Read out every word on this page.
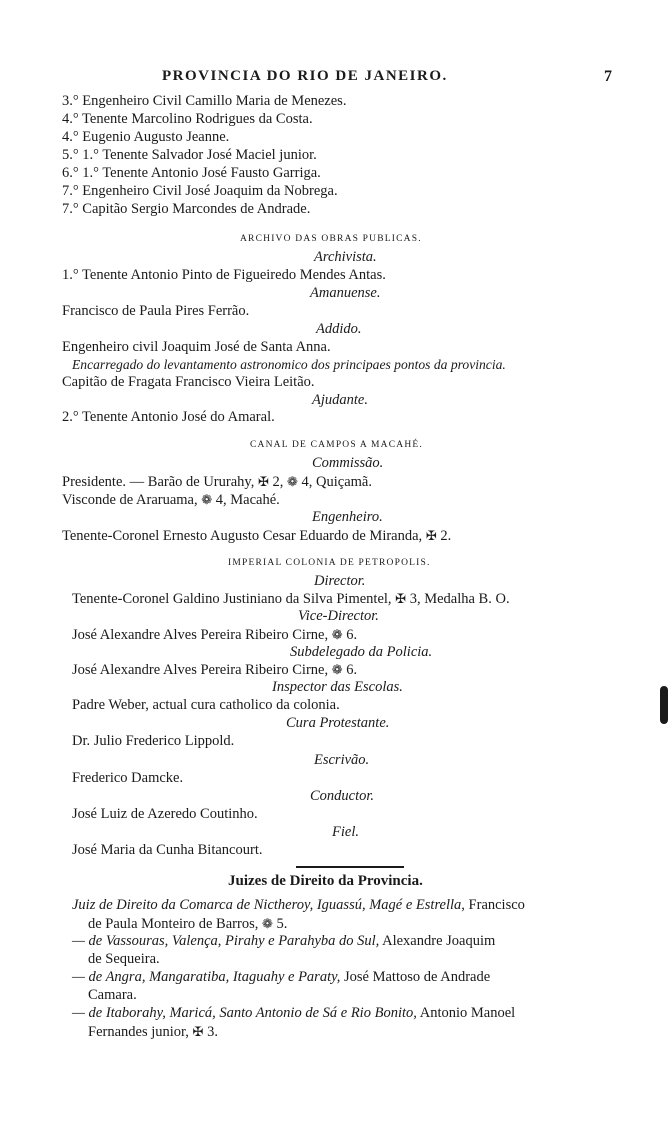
PROVINCIA DO RIO DE JANEIRO.	7
3.° Engenheiro Civil Camillo Maria de Menezes.
4.° Tenente Marcolino Rodrigues da Costa.
4.° Eugenio Augusto Jeanne.
5.° 1.° Tenente Salvador José Maciel junior.
6.° 1.° Tenente Antonio José Fausto Garriga.
7.° Engenheiro Civil José Joaquim da Nobrega.
7.° Capitão Sergio Marcondes de Andrade.
ARCHIVO DAS OBRAS PUBLICAS.
Archivista.
1.° Tenente Antonio Pinto de Figueiredo Mendes Antas.
Amanuense.
Francisco de Paula Pires Ferrão.
Addido.
Engenheiro civil Joaquim José de Santa Anna.
Encarregado do levantamento astronomico dos principaes pontos da provincia.
Capitão de Fragata Francisco Vieira Leitão.
Ajudante.
2.° Tenente Antonio José do Amaral.
CANAL DE CAMPOS A MACAHÉ.
Commissão.
Presidente. — Barão de Ururahy, ✠ 2, ❁ 4, Quiçamã.
Visconde de Araruama, ❁ 4, Macahé.
Engenheiro.
Tenente-Coronel Ernesto Augusto Cesar Eduardo de Miranda, ✠ 2.
IMPERIAL COLONIA DE PETROPOLIS.
Director.
Tenente-Coronel Galdino Justiniano da Silva Pimentel, ✠ 3, Medalha B. O.
Vice-Director.
José Alexandre Alves Pereira Ribeiro Cirne, ❁ 6.
Subdelegado da Policia.
José Alexandre Alves Pereira Ribeiro Cirne, ❁ 6.
Inspector das Escolas.
Padre Weber, actual cura catholico da colonia.
Cura Protestante.
Dr. Julio Frederico Lippold.
Escrivão.
Frederico Damcke.
Conductor.
José Luiz de Azeredo Coutinho.
Fiel.
José Maria da Cunha Bitancourt.
Juizes de Direito da Provincia.
Juiz de Direito da Comarca de Nictheroy, Iguassú, Magé e Estrella, Francisco
de Paula Monteiro de Barros, ❁ 5.
— de Vassouras, Valença, Pirahy e Parahyba do Sul, Alexandre Joaquim
de Sequeira.
— de Angra, Mangaratiba, Itaguahy e Paraty, José Mattoso de Andrade
Camara.
— de Itaborahy, Maricá, Santo Antonio de Sá e Rio Bonito, Antonio Manoel
Fernandes junior, ✠ 3.
